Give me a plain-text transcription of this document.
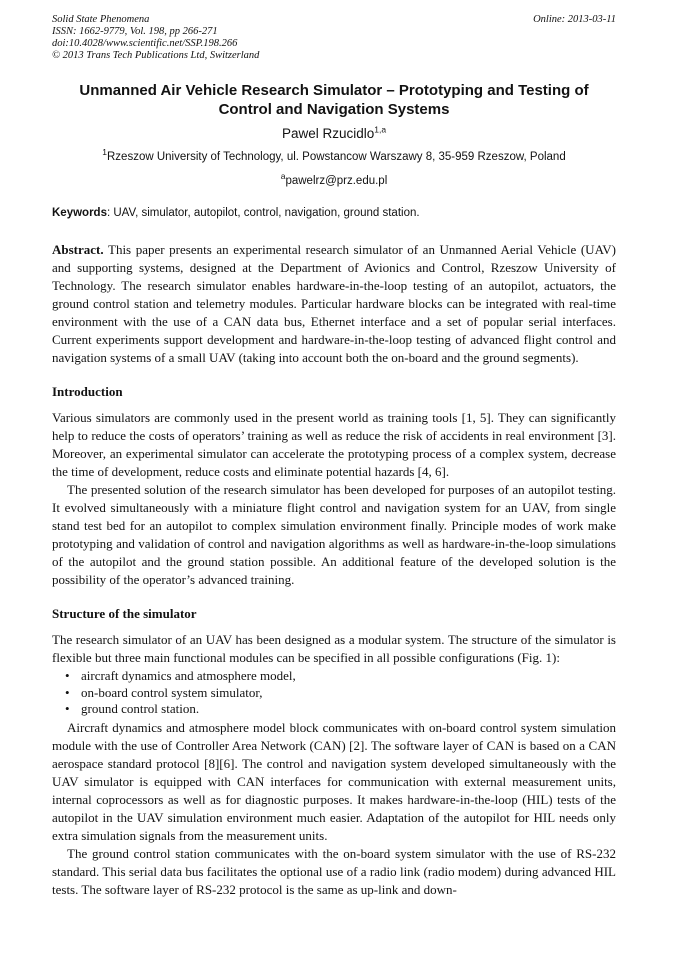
Solid State Phenomena
ISSN: 1662-9779, Vol. 198, pp 266-271
doi:10.4028/www.scientific.net/SSP.198.266
© 2013 Trans Tech Publications Ltd, Switzerland
Online: 2013-03-11
Unmanned Air Vehicle Research Simulator – Prototyping and Testing of Control and Navigation Systems
Pawel Rzucidlo$^{1,a}$
$^1$Rzeszow University of Technology, ul. Powstancow Warszawy 8, 35-959 Rzeszow, Poland
$^a$pawelrz@prz.edu.pl

Keywords: UAV, simulator, autopilot, control, navigation, ground station.

Abstract. This paper presents an experimental research simulator of an Unmanned Aerial Vehicle (UAV) and supporting systems, designed at the Department of Avionics and Control, Rzeszow University of Technology. The research simulator enables hardware-in-the-loop testing of an autopilot, actuators, the ground control station and telemetry modules. Particular hardware blocks can be integrated with real-time environment with the use of a CAN data bus, Ethernet interface and a set of popular serial interfaces. Current experiments support development and hardware-in-the-loop testing of advanced flight control and navigation systems of a small UAV (taking into account both the on-board and the ground segments).

Introduction

Various simulators are commonly used in the present world as training tools [1, 5]. They can significantly help to reduce the costs of operators’ training as well as reduce the risk of accidents in real environment [3]. Moreover, an experimental simulator can accelerate the prototyping process of a complex system, decrease the time of development, reduce costs and eliminate potential hazards [4, 6].

The presented solution of the research simulator has been developed for purposes of an autopilot testing. It evolved simultaneously with a miniature flight control and navigation system for an UAV, from single stand test bed for an autopilot to complex simulation environment finally. Principle modes of work make prototyping and validation of control and navigation algorithms as well as hardware-in-the-loop simulations of the autopilot and the ground station possible. An additional feature of the developed solution is the possibility of the operator’s advanced training.

Structure of the simulator

The research simulator of an UAV has been designed as a modular system. The structure of the simulator is flexible but three main functional modules can be specified in all possible configurations (Fig. 1):

• aircraft dynamics and atmosphere model,
• on-board control system simulator,
• ground control station.

Aircraft dynamics and atmosphere model block communicates with on-board control system simulation module with the use of Controller Area Network (CAN) [2]. The software layer of CAN is based on a CAN aerospace standard protocol [8][6]. The control and navigation system developed simultaneously with the UAV simulator is equipped with CAN interfaces for communication with external measurement units, internal coprocessors as well as for diagnostic purposes. It makes hardware-in-the-loop (HIL) tests of the autopilot in the UAV simulation environment much easier. Adaptation of the autopilot for HIL needs only extra simulation signals from the measurement units.

The ground control station communicates with the on-board system simulator with the use of RS-232 standard. This serial data bus facilitates the optional use of a radio link (radio modem) during advanced HIL tests. The software layer of RS-232 protocol is the same as up-link and down-
